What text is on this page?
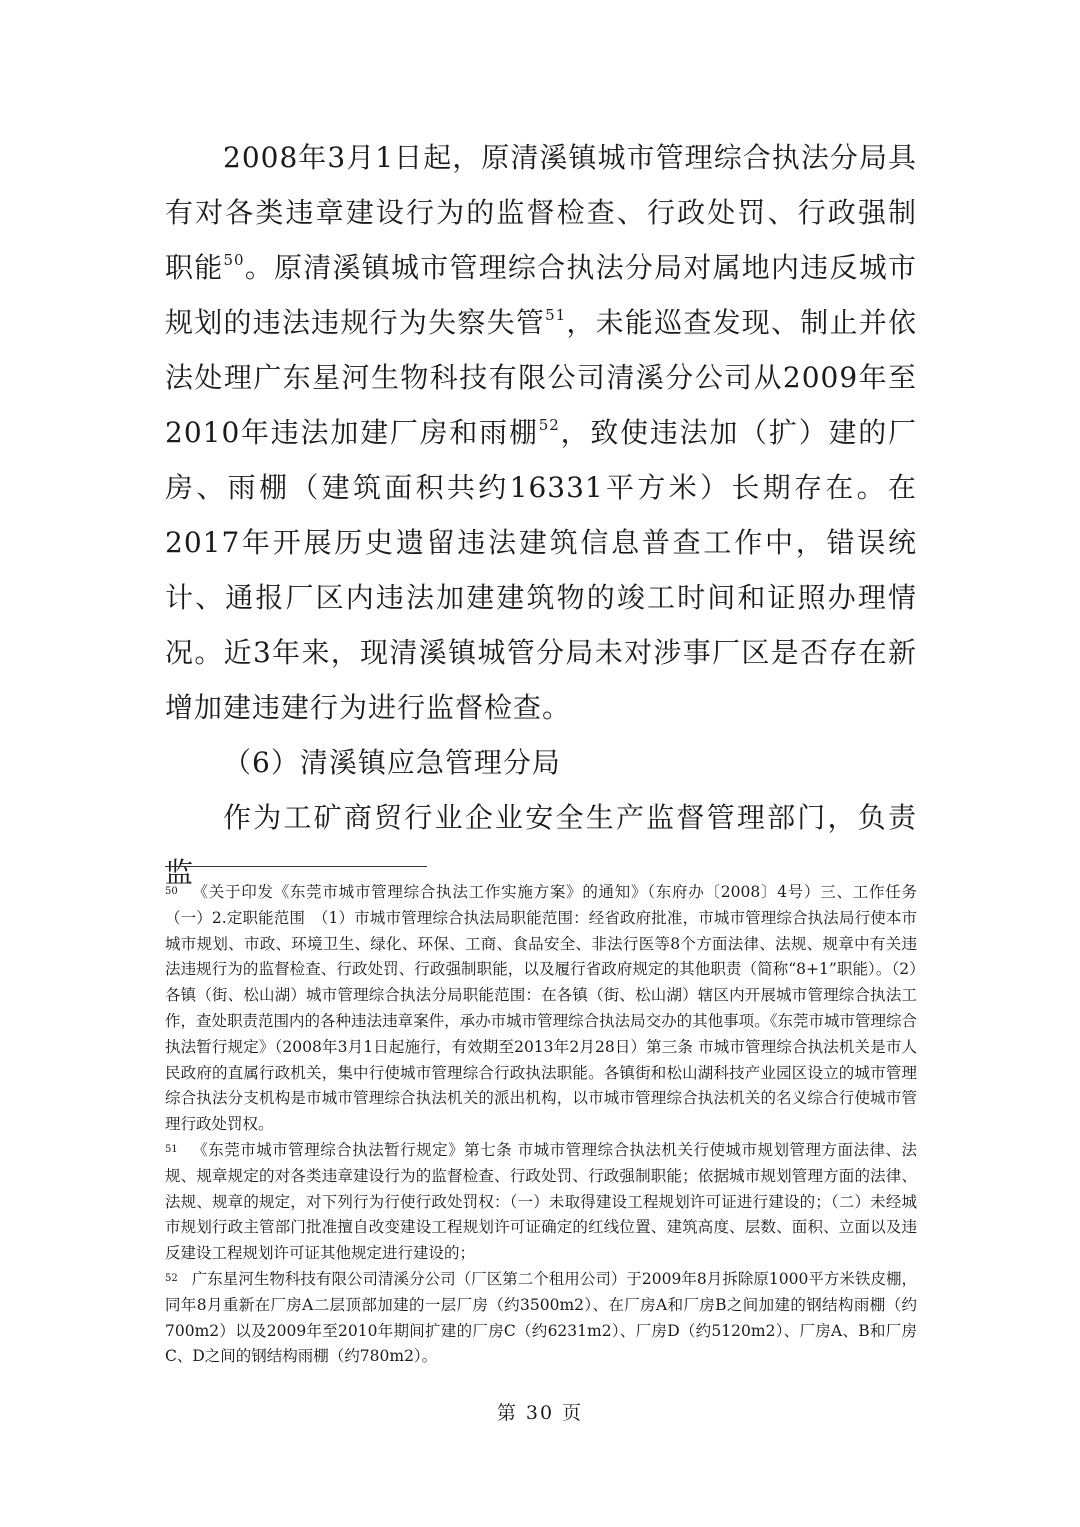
2008年3月1日起，原清溪镇城市管理综合执法分局具有对各类违章建设行为的监督检查、行政处罚、行政强制职能$^{50}$。原清溪镇城市管理综合执法分局对属地内违反城市规划的违法违规行为失察失管$^{51}$，未能巡查发现、制止并依法处理广东星河生物科技有限公司清溪分公司从2009年至2010年违法加建厂房和雨棚$^{52}$，致使违法加（扩）建的厂房、雨棚（建筑面积共约16331平方米）长期存在。在2017年开展历史遗留违法建筑信息普查工作中，错误统计、通报厂区内违法加建建筑物的竣工时间和证照办理情况。近3年来，现清溪镇城管分局未对涉事厂区是否存在新增加建违建行为进行监督检查。

（6）清溪镇应急管理分局

作为工矿商贸行业企业安全生产监督管理部门，负责监

$^{50}$ 《关于印发《东莞市城市管理综合执法工作实施方案》的通知》（东府办〔2008〕4号）三、工作任务（一）2.定职能范围　（1）市城市管理综合执法局职能范围：经省政府批准，市城市管理综合执法局行使本市城市规划、市政、环境卫生、绿化、环保、工商、食品安全、非法行医等8个方面法律、法规、规章中有关违法违规行为的监督检查、行政处罚、行政强制职能，以及履行省政府规定的其他职责（简称“8+1”职能）。（2）各镇（街、松山湖）城市管理综合执法分局职能范围：在各镇（街、松山湖）辖区内开展城市管理综合执法工作，查处职责范围内的各种违法违章案件，承办市城市管理综合执法局交办的其他事项。《东莞市城市管理综合执法暂行规定》（2008年3月1日起施行，有效期至2013年2月28日）第三条 市城市管理综合执法机关是市人民政府的直属行政机关，集中行使城市管理综合行政执法职能。各镇街和松山湖科技产业园区设立的城市管理综合执法分支机构是市城市管理综合执法机关的派出机构，以市城市管理综合执法机关的名义综合行使城市管理行政处罚权。

$^{51}$ 《东莞市城市管理综合执法暂行规定》第七条 市城市管理综合执法机关行使城市规划管理方面法律、法规、规章规定的对各类违章建设行为的监督检查、行政处罚、行政强制职能；依据城市规划管理方面的法律、法规、规章的规定，对下列行为行使行政处罚权：（一）未取得建设工程规划许可证进行建设的；（二）未经城市规划行政主管部门批准擅自改变建设工程规划许可证确定的红线位置、建筑高度、层数、面积、立面以及违反建设工程规划许可证其他规定进行建设的；

$^{52}$ 广东星河生物科技有限公司清溪分公司（厂区第二个租用公司）于2009年8月拆除原1000平方米铁皮棚，同年8月重新在厂房A二层顶部加建的一层厂房（约3500m2）、在厂房A和厂房B之间加建的钢结构雨棚（约700m2）以及2009年至2010年期间扩建的厂房C（约6231m2）、厂房D（约5120m2）、厂房A、B和厂房C、D之间的钢结构雨棚（约780m2）。

第 30 页
